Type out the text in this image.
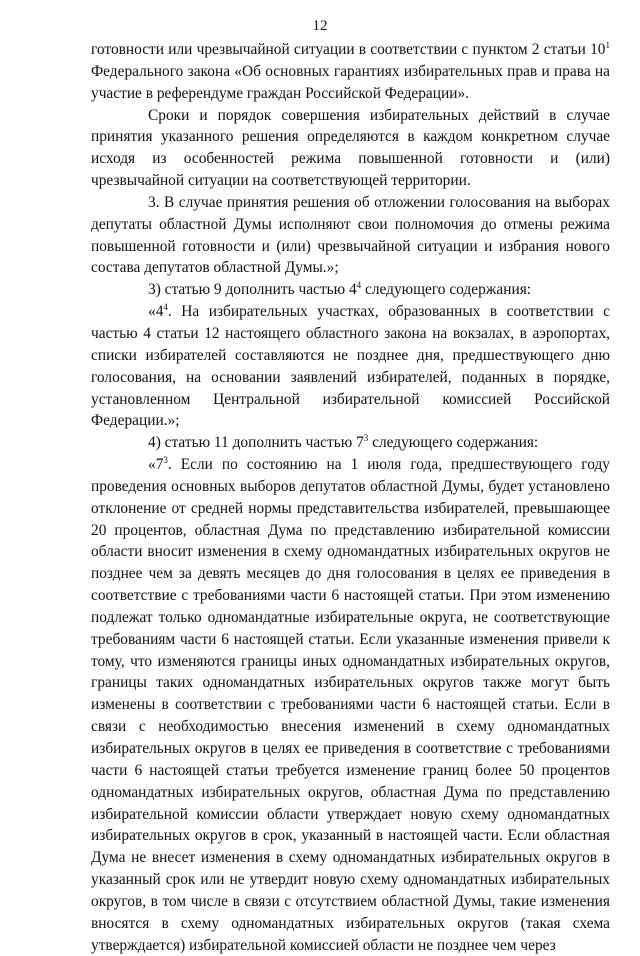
12

готовности или чрезвычайной ситуации в соответствии с пунктом 2 статьи $10^1$ Федерального закона «Об основных гарантиях избирательных прав и права на участие в референдуме граждан Российской Федерации».

Сроки и порядок совершения избирательных действий в случае принятия указанного решения определяются в каждом конкретном случае исходя из особенностей режима повышенной готовности и (или) чрезвычайной ситуации на соответствующей территории.

3. В случае принятия решения об отложении голосования на выборах депутаты областной Думы исполняют свои полномочия до отмены режима повышенной готовности и (или) чрезвычайной ситуации и избрания нового состава депутатов областной Думы.»;

3) статью 9 дополнить частью $4^4$ следующего содержания:

«$4^4$. На избирательных участках, образованных в соответствии с частью 4 статьи 12 настоящего областного закона на вокзалах, в аэропортах, списки избирателей составляются не позднее дня, предшествующего дню голосования, на основании заявлений избирателей, поданных в порядке, установленном Центральной избирательной комиссией Российской Федерации.»;

4) статью 11 дополнить частью $7^3$ следующего содержания:

«$7^3$. Если по состоянию на 1 июля года, предшествующего году проведения основных выборов депутатов областной Думы, будет установлено отклонение от средней нормы представительства избирателей, превышающее 20 процентов, областная Дума по представлению избирательной комиссии области вносит изменения в схему одномандатных избирательных округов не позднее чем за девять месяцев до дня голосования в целях ее приведения в соответствие с требованиями части 6 настоящей статьи. При этом изменению подлежат только одномандатные избирательные округа, не соответствующие требованиям части 6 настоящей статьи. Если указанные изменения привели к тому, что изменяются границы иных одномандатных избирательных округов, границы таких одномандатных избирательных округов также могут быть изменены в соответствии с требованиями части 6 настоящей статьи. Если в связи с необходимостью внесения изменений в схему одномандатных избирательных округов в целях ее приведения в соответствие с требованиями части 6 настоящей статьи требуется изменение границ более 50 процентов одномандатных избирательных округов, областная Дума по представлению избирательной комиссии области утверждает новую схему одномандатных избирательных округов в срок, указанный в настоящей части. Если областная Дума не внесет изменения в схему одномандатных избирательных округов в указанный срок или не утвердит новую схему одномандатных избирательных округов, в том числе в связи с отсутствием областной Думы, такие изменения вносятся в схему одномандатных избирательных округов (такая схема утверждается) избирательной комиссией области не позднее чем через
